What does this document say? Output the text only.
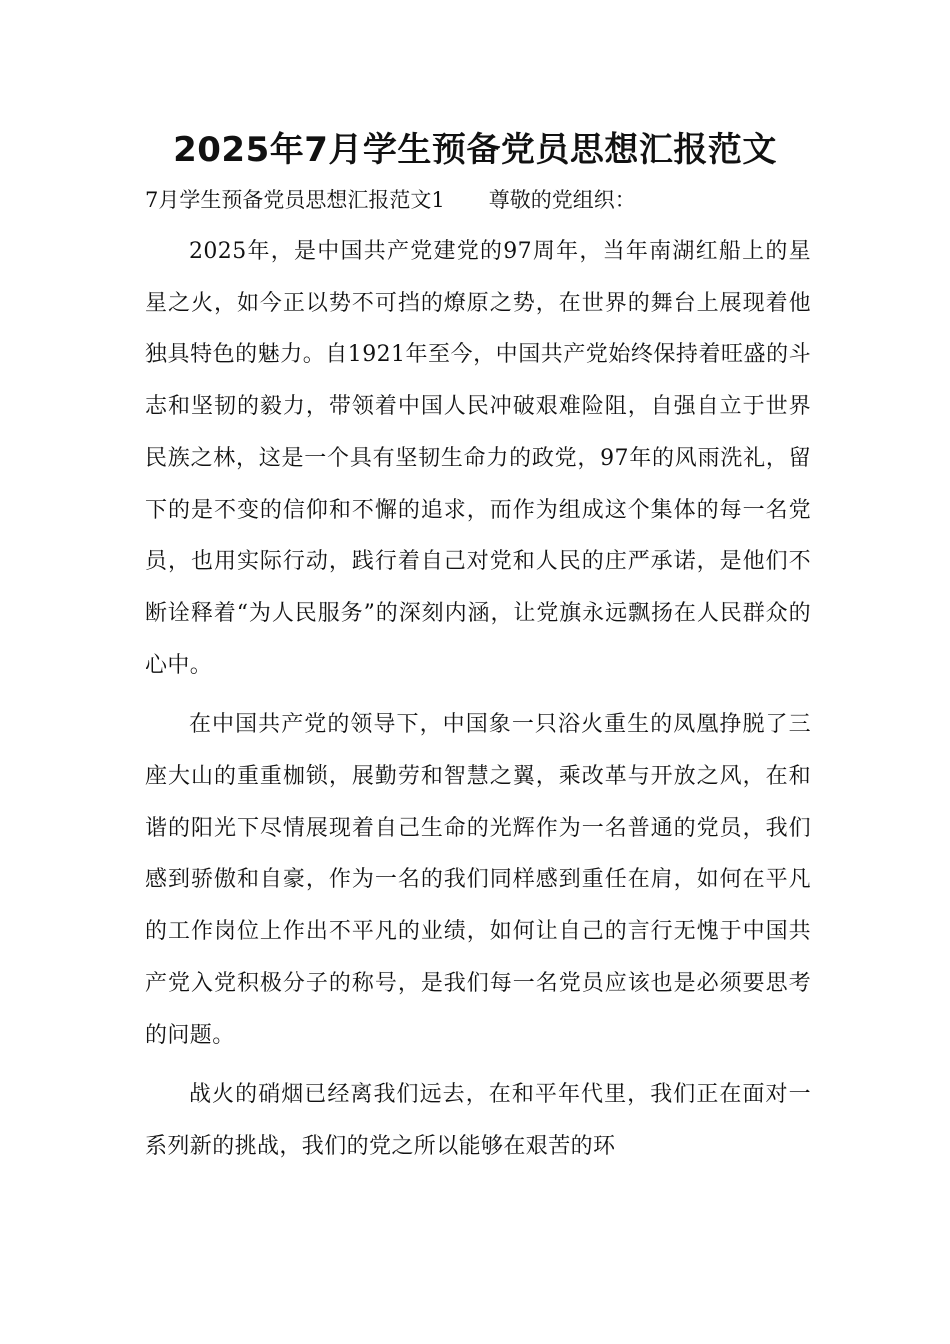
2025年7月学生预备党员思想汇报范文
7月学生预备党员思想汇报范文1 尊敬的党组织：

2025年，是中国共产党建党的97周年，当年南湖红船上的星星之火，如今正以势不可挡的燎原之势，在世界的舞台上展现着他独具特色的魅力。自1921年至今，中国共产党始终保持着旺盛的斗志和坚韧的毅力，带领着中国人民冲破艰难险阻，自强自立于世界民族之林，这是一个具有坚韧生命力的政党，97年的风雨洗礼，留下的是不变的信仰和不懈的追求，而作为组成这个集体的每一名党员，也用实际行动，践行着自己对党和人民的庄严承诺，是他们不断诠释着“为人民服务”的深刻内涵，让党旗永远飘扬在人民群众的心中。

在中国共产党的领导下，中国象一只浴火重生的凤凰挣脱了三座大山的重重枷锁，展勤劳和智慧之翼，乘改革与开放之风，在和谐的阳光下尽情展现着自己生命的光辉作为一名普通的党员，我们感到骄傲和自豪，作为一名的我们同样感到重任在肩，如何在平凡的工作岗位上作出不平凡的业绩，如何让自己的言行无愧于中国共产党入党积极分子的称号，是我们每一名党员应该也是必须要思考的问题。

战火的硝烟已经离我们远去，在和平年代里，我们正在面对一系列新的挑战，我们的党之所以能够在艰苦的环
